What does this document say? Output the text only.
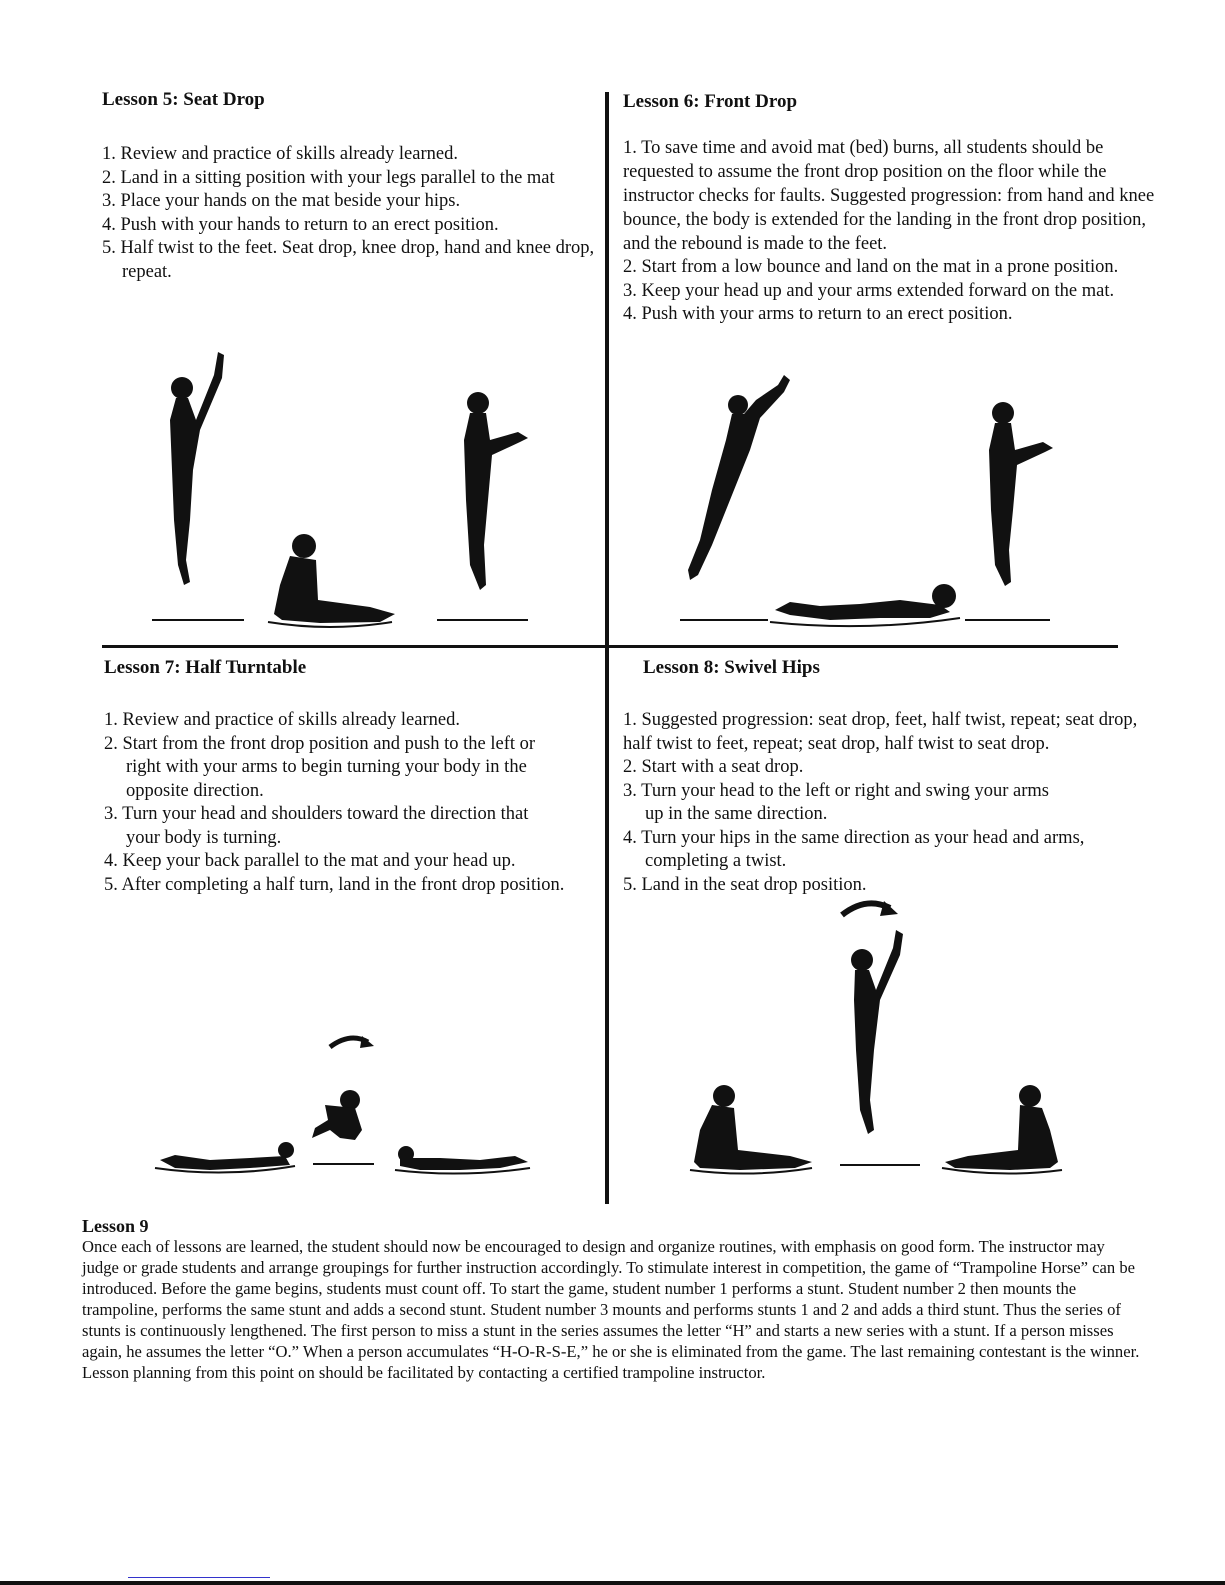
Lesson 5: Seat Drop
1. Review and practice of skills already learned.
2. Land in a sitting position with your legs parallel to the mat
3. Place your hands on the mat beside your hips.
4. Push with your hands to return to an erect position.
5. Half twist to the feet. Seat drop, knee drop, hand and knee drop, repeat.
Lesson 6: Front Drop
1. To save time and avoid mat (bed) burns, all students should be requested to assume the front drop position on the floor while the instructor checks for faults. Suggested progression: from hand and knee bounce, the body is extended for the landing in the front drop position, and the rebound is made to the feet.
2. Start from a low bounce and land on the mat in a prone position.
3. Keep your head up and your arms extended forward on the mat.
4. Push with your arms to return to an erect position.
Lesson 7: Half Turntable
1. Review and practice of skills already learned.
2. Start from the front drop position and push to the left or right with your arms to begin turning your body in the opposite direction.
3. Turn your head and shoulders toward the direction that your body is turning.
4. Keep your back parallel to the mat and your head up.
5. After completing a half turn, land in the front drop position.
Lesson 8: Swivel Hips
1. Suggested progression: seat drop, feet, half twist, repeat; seat drop, half twist to feet, repeat; seat drop, half twist to seat drop.
2. Start with a seat drop.
3. Turn your head to the left or right and swing your arms up in the same direction.
4. Turn your hips in the same direction as your head and arms, completing a twist.
5. Land in the seat drop position.
Lesson 9

Once each of lessons are learned, the student should now be encouraged to design and organize routines, with emphasis on good form. The instructor may judge or grade students and arrange groupings for further instruction accordingly. To stimulate interest in competition, the game of “Trampoline Horse” can be introduced. Before the game begins, students must count off. To start the game, student number 1 performs a stunt. Student number 2 then mounts the trampoline, performs the same stunt and adds a second stunt. Student number 3 mounts and performs stunts 1 and 2 and adds a third stunt. Thus the series of stunts is continuously lengthened. The first person to miss a stunt in the series assumes the letter “H” and starts a new series with a stunt. If a person misses again, he assumes the letter “O.” When a person accumulates “H-O-R-S-E,” he or she is eliminated from the game. The last remaining contestant is the winner. Lesson planning from this point on should be facilitated by contacting a certified trampoline instructor.
